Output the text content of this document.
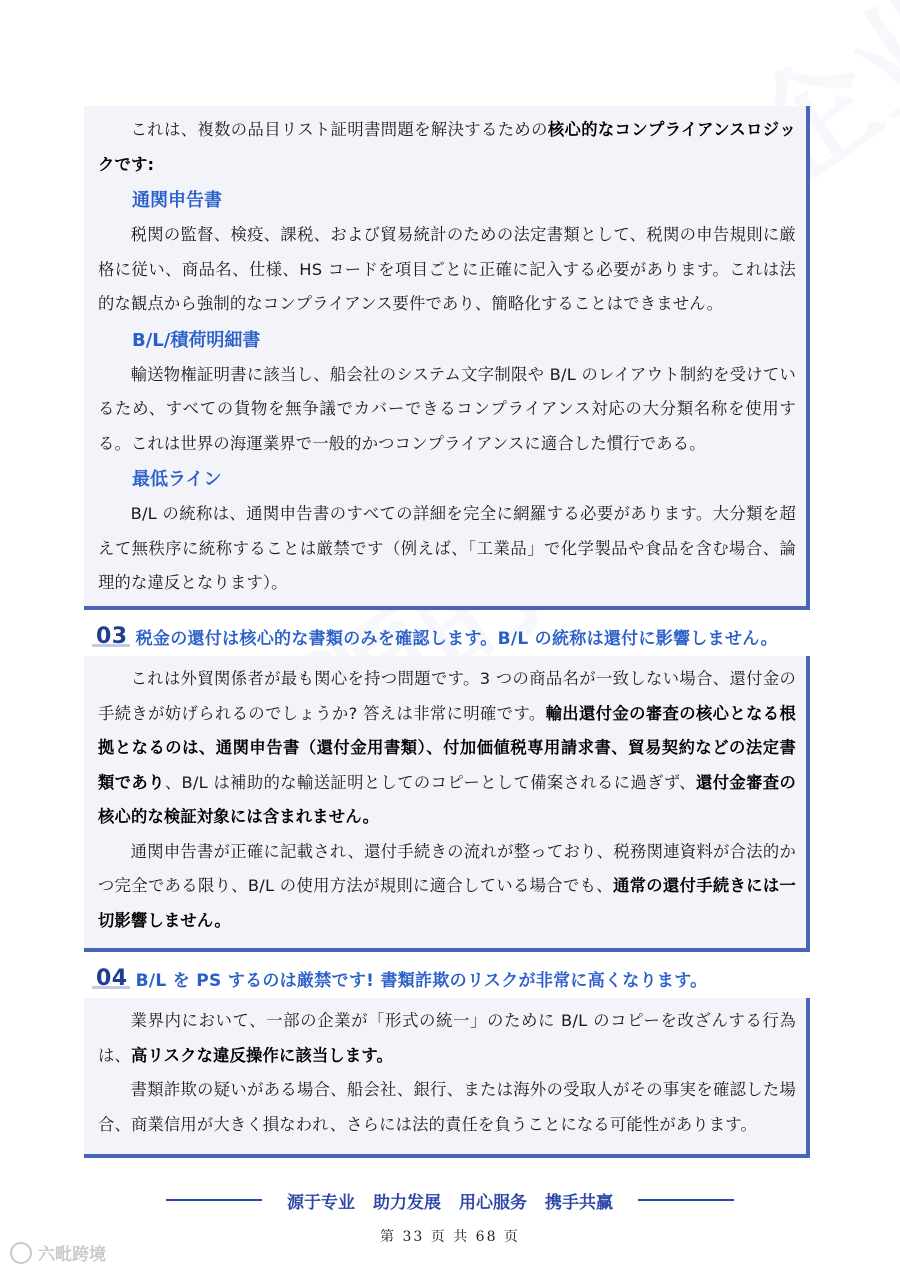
これは、複数の品目リスト証明書問題を解決するための核心的なコンプライアンスロジックです:

通関申告書

税関の監督、検疫、課税、および貿易統計のための法定書類として、税関の申告規則に厳格に従い、商品名、仕様、HS コードを項目ごとに正確に記入する必要があります。これは法的な観点から強制的なコンプライアンス要件であり、簡略化することはできません。

B/L/積荷明細書

輸送物権証明書に該当し、船会社のシステム文字制限や B/L のレイアウト制約を受けているため、すべての貨物を無争議でカバーできるコンプライアンス対応の大分類名称を使用する。これは世界の海運業界で一般的かつコンプライアンスに適合した慣行である。

最低ライン

B/L の統称は、通関申告書のすべての詳細を完全に網羅する必要があります。大分類を超えて無秩序に統称することは厳禁です（例えば、「工業品」で化学製品や食品を含む場合、論理的な違反となります）。

03 税金の還付は核心的な書類のみを確認します。B/L の統称は還付に影響しません。

これは外貿関係者が最も関心を持つ問題です。3 つの商品名が一致しない場合、還付金の手続きが妨げられるのでしょうか? 答えは非常に明確です。輸出還付金の審査の核心となる根拠となるのは、通関申告書（還付金用書類）、付加価値税専用請求書、貿易契約などの法定書類であり、B/L は補助的な輸送証明としてのコピーとして備案されるに過ぎず、還付金審査の核心的な検証対象には含まれません。

通関申告書が正確に記載され、還付手続きの流れが整っており、税務関連資料が合法的かつ完全である限り、B/L の使用方法が規則に適合している場合でも、通常の還付手続きには一切影響しません。

04 B/L を PS するのは厳禁です! 書類詐欺のリスクが非常に高くなります。

業界内において、一部の企業が「形式の統一」のために B/L のコピーを改ざんする行為は、高リスクな違反操作に該当します。

書類詐欺の疑いがある場合、船会社、銀行、または海外の受取人がその事実を確認した場合、商業信用が大きく損なわれ、さらには法的責任を負うことになる可能性があります。

源于专业 助力发展 用心服务 携手共赢
第 33 页 共 68 页
六毗跨境
